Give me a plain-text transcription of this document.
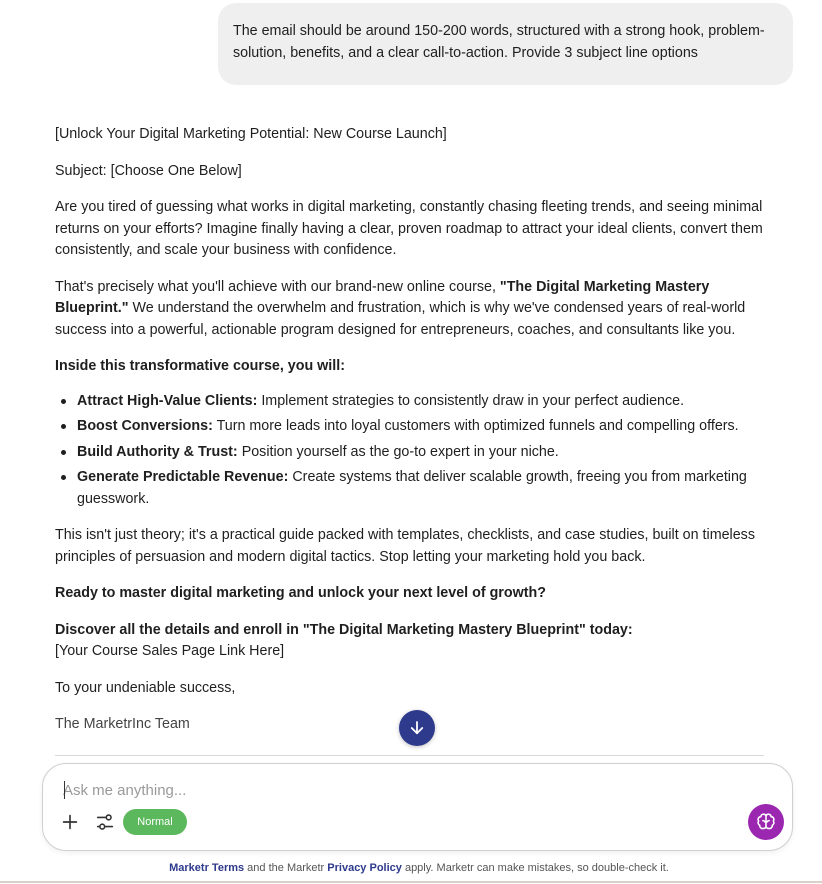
The email should be around 150-200 words, structured with a strong hook, problem-solution, benefits, and a clear call-to-action. Provide 3 subject line options

[Unlock Your Digital Marketing Potential: New Course Launch]

Subject: [Choose One Below]

Are you tired of guessing what works in digital marketing, constantly chasing fleeting trends, and seeing minimal returns on your efforts? Imagine finally having a clear, proven roadmap to attract your ideal clients, convert them consistently, and scale your business with confidence.

That's precisely what you'll achieve with our brand-new online course, "The Digital Marketing Mastery Blueprint." We understand the overwhelm and frustration, which is why we've condensed years of real-world success into a powerful, actionable program designed for entrepreneurs, coaches, and consultants like you.

Inside this transformative course, you will:

Attract High-Value Clients: Implement strategies to consistently draw in your perfect audience.
Boost Conversions: Turn more leads into loyal customers with optimized funnels and compelling offers.
Build Authority & Trust: Position yourself as the go-to expert in your niche.
Generate Predictable Revenue: Create systems that deliver scalable growth, freeing you from marketing guesswork.

This isn't just theory; it's a practical guide packed with templates, checklists, and case studies, built on timeless principles of persuasion and modern digital tactics. Stop letting your marketing hold you back.

Ready to master digital marketing and unlock your next level of growth?

Discover all the details and enroll in "The Digital Marketing Mastery Blueprint" today:

[Your Course Sales Page Link Here]

To your undeniable success,

The MarketrInc Team

Ask me anything...
Normal
Marketr Terms and the Marketr Privacy Policy apply. Marketr can make mistakes, so double-check it.
